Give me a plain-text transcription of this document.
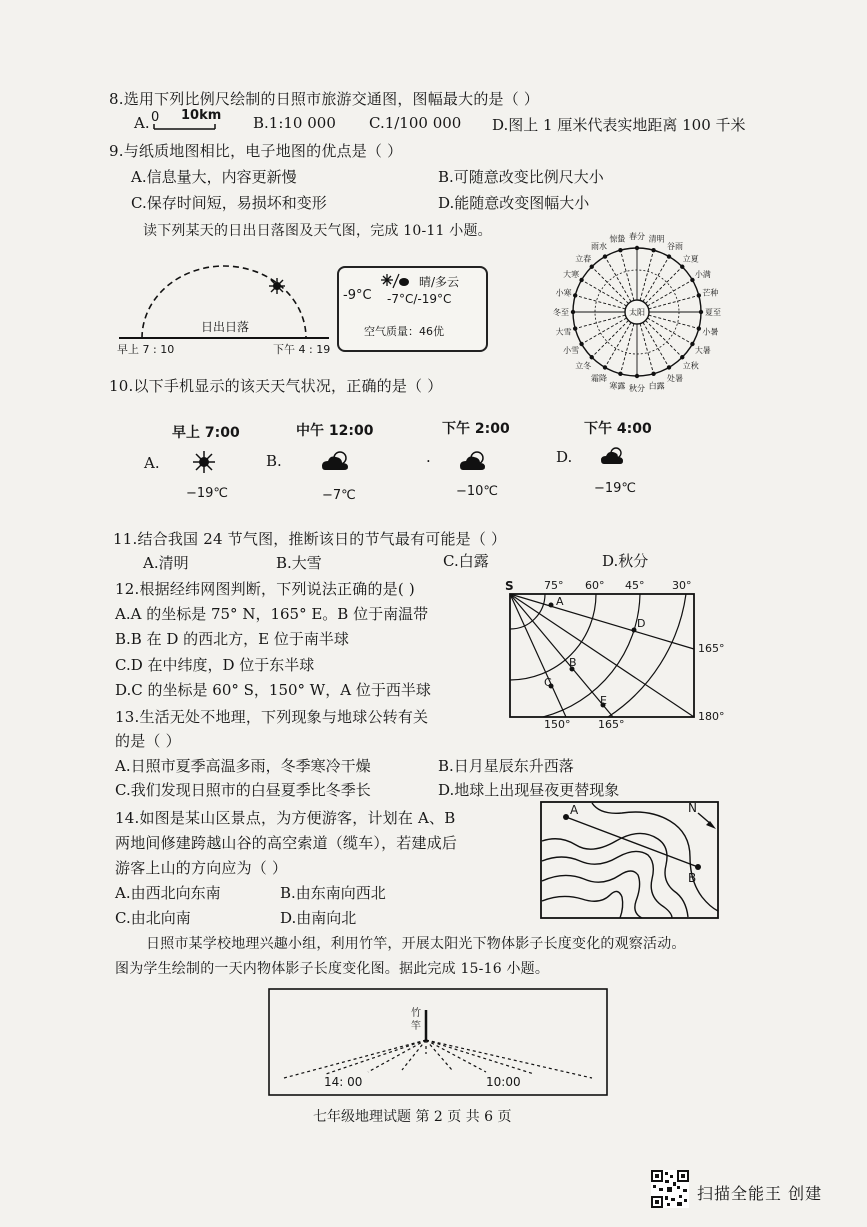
8.选用下列比例尺绘制的日照市旅游交通图，图幅最大的是（ ）
A. 0 10km B.1:10 000 C.1/100 000 D.图上 1 厘米代表实地距离 100 千米
9.与纸质地图相比，电子地图的优点是（ ）
A.信息量大，内容更新慢	B.可随意改变比例尺大小
C.保存时间短，易损坏和变形	D.能随意改变图幅大小
读下列某天的日出日落图及天气图，完成 10-11 小题。
日出日落
早上 7 : 10	下午 4 : 19
-9°C
晴/多云
-7°C/-19°C
空气质量：46优
春分 清明
谷雨
立夏
小满
芒种
夏至
小暑
大暑
立秋
处暑
白露
秋分
寒露
霜降
立冬
小雪
大雪
冬至
小寒
大寒
立春
雨水
惊蛰
太阳
10.以下手机显示的该天天气状况，正确的是（ ）
早上 7:00	中午 12:00	下午 2:00	下午 4:00
A.	B.	·	D.
−19℃	−7℃	−10℃	−19℃
11.结合我国 24 节气图，推断该日的节气最有可能是（ ）
A.清明	B.大雪	C.白露	D.秋分
12.根据经纬网图判断，下列说法正确的是( )
A.A 的坐标是 75° N，165° E。B 位于南温带
B.B 在 D 的西北方，E 位于南半球
C.D 在中纬度，D 位于东半球
D.C 的坐标是 60° S，150° W，A 位于西半球
S	75° 60° 45°	30°
A
B
C
D
E
150°	165°
165°
180°
13.生活无处不地理，下列现象与地球公转有关
的是（ ）
A.日照市夏季高温多雨，冬季寒冷干燥	B.日月星辰东升西落
C.我们发现日照市的白昼夏季比冬季长	D.地球上出现昼夜更替现象
14.如图是某山区景点，为方便游客，计划在 A、B
两地间修建跨越山谷的高空索道（缆车），若建成后
游客上山的方向应为（ ）
A.由西北向东南	B.由东南向西北
C.由北向南	D.由南向北
A
B
N
日照市某学校地理兴趣小组，利用竹竿，开展太阳光下物体影子长度变化的观察活动。
图为学生绘制的一天内物体影子长度变化图。据此完成 15-16 小题。
竹
竿
14: 00	10:00
七年级地理试题 第 2 页 共 6 页
扫描全能王 创建
